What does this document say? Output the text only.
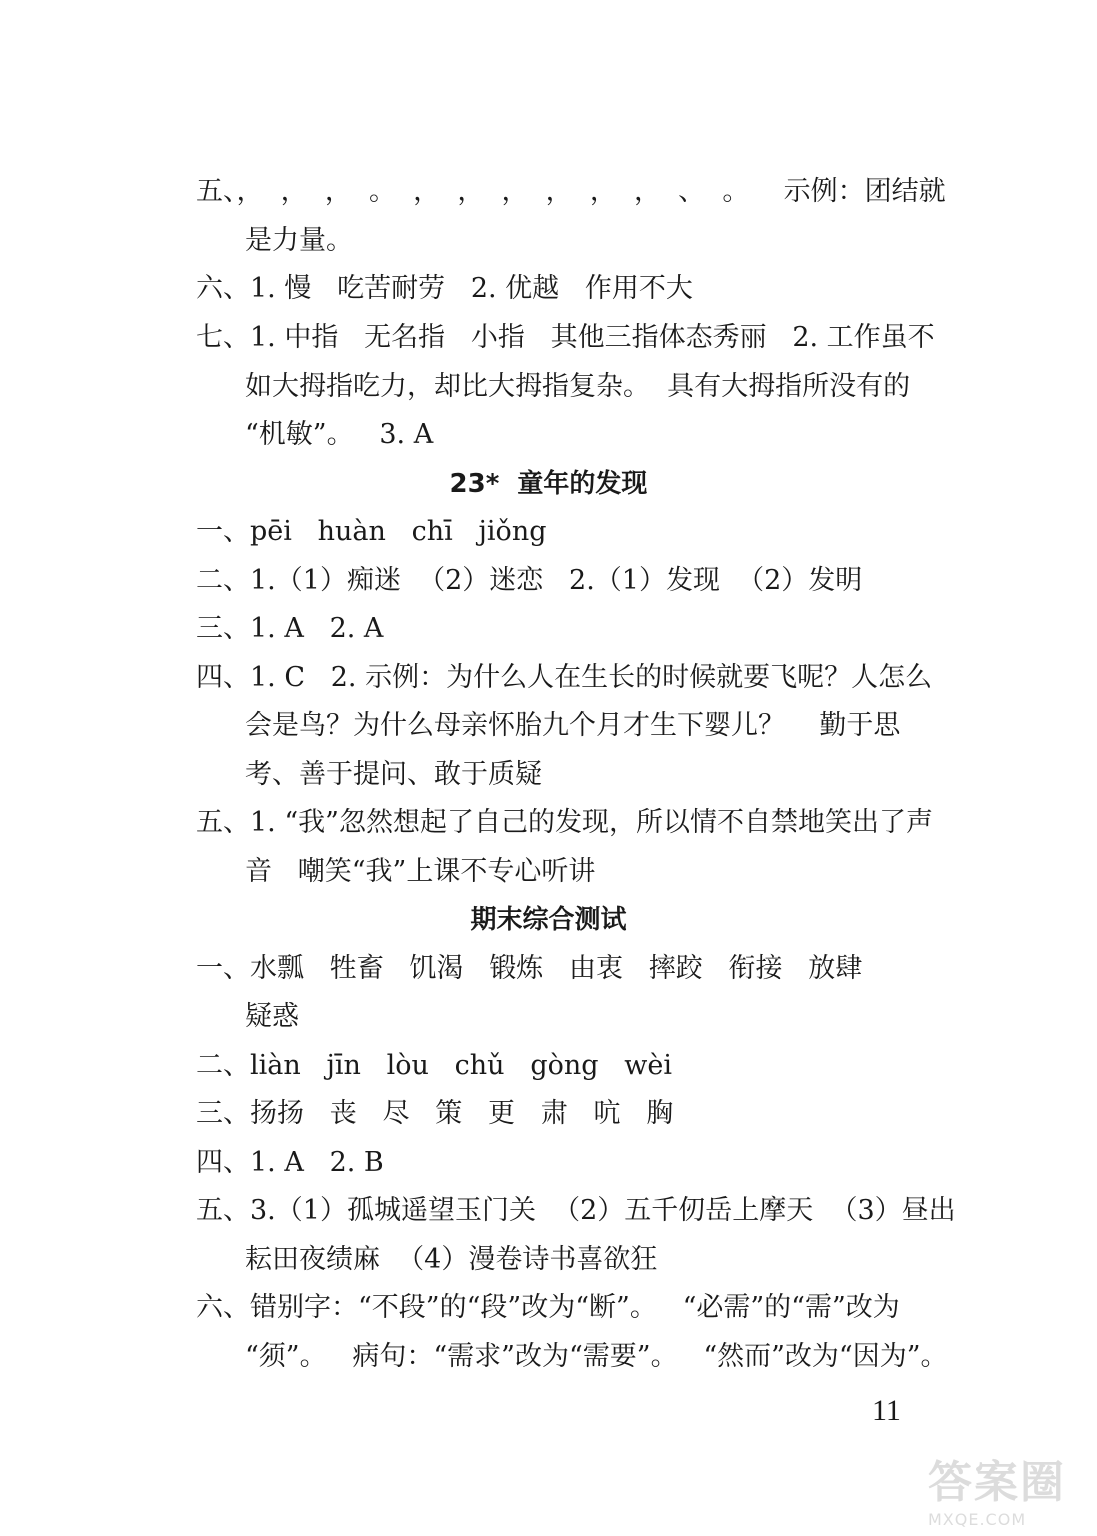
五、，  ，  ，  。  ，  ，  ，  ，  ，  ，  、  。    示例：团结就
是力量。
六、1. 慢   吃苦耐劳   2. 优越   作用不大
七、1. 中指   无名指   小指   其他三指体态秀丽   2. 工作虽不
如大拇指吃力，却比大拇指复杂。  具有大拇指所没有的
“机敏”。   3. A
23*  童年的发现
一、pēi   huàn   chī   jiǒng
二、1.（1）痴迷  （2）迷恋   2.（1）发现  （2）发明
三、1. A   2. A
四、1. C   2. 示例：为什么人在生长的时候就要飞呢？人怎么
会是鸟？为什么母亲怀胎九个月才生下婴儿？    勤于思
考、善于提问、敢于质疑
五、1. “我”忽然想起了自己的发现，所以情不自禁地笑出了声
音   嘲笑“我”上课不专心听讲
期末综合测试
一、水瓢   牲畜   饥渴   锻炼   由衷   摔跤   衔接   放肆
疑惑
二、liàn   jīn   lòu   chǔ   gòng   wèi
三、扬扬   丧   尽   策   更   肃   吭   胸
四、1. A   2. B
五、3.（1）孤城遥望玉门关  （2）五千仞岳上摩天  （3）昼出
耘田夜绩麻  （4）漫卷诗书喜欲狂
六、错别字：“不段”的“段”改为“断”。   “必需”的“需”改为
“须”。   病句：“需求”改为“需要”。   “然而”改为“因为”。
11
答案圈
MXQE.COM
